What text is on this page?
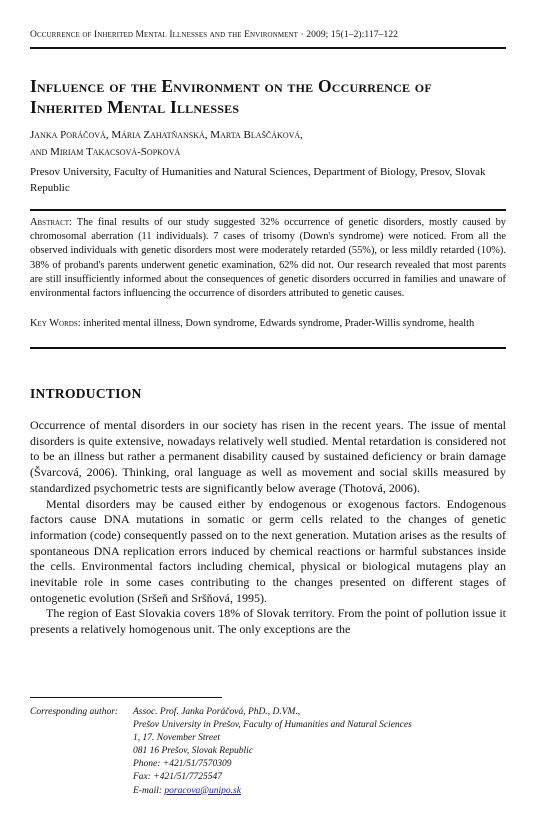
Occurrence of Inherited Mental Illnesses and the Environment · 2009; 15(1–2):117–122
Influence of the Environment on the Occurrence of Inherited Mental Illnesses
Janka Poráčová, Mária Zahatňanská, Marta Blaščáková,
and Miriam Takacsová-Sopková
Presov University, Faculty of Humanities and Natural Sciences, Department of Biology, Presov, Slovak Republic
Abstract: The final results of our study suggested 32% occurrence of genetic disorders, mostly caused by chromosomal aberration (11 individuals). 7 cases of trisomy (Down's syndrome) were noticed. From all the observed individuals with genetic disorders most were moderately retarded (55%), or less mildly retarded (10%). 38% of proband's parents underwent genetic examination, 62% did not. Our research revealed that most parents are still insufficiently informed about the consequences of genetic disorders occurred in families and unaware of environmental factors influencing the occurrence of disorders attributed to genetic causes.
Key Words: inherited mental illness, Down syndrome, Edwards syndrome, Prader-Willis syndrome, health
INTRODUCTION

Occurrence of mental disorders in our society has risen in the recent years. The issue of mental disorders is quite extensive, nowadays relatively well studied. Mental retardation is considered not to be an illness but rather a permanent disability caused by sustained deficiency or brain damage (Švarcová, 2006). Thinking, oral language as well as movement and social skills measured by standardized psychometric tests are significantly below average (Thotová, 2006).

Mental disorders may be caused either by endogenous or exogenous factors. Endogenous factors cause DNA mutations in somatic or germ cells related to the changes of genetic information (code) consequently passed on to the next generation. Mutation arises as the results of spontaneous DNA replication errors induced by chemical reactions or harmful substances inside the cells. Environmental factors including chemical, physical or biological mutagens play an inevitable role in some cases contributing to the changes presented on different stages of ontogenetic evolution (Sršeň and Sršňová, 1995).

The region of East Slovakia covers 18% of Slovak territory. From the point of pollution issue it presents a relatively homogenous unit. The only exceptions are the

Corresponding author:	Assoc. Prof. Janka Poráčová, PhD., D.VM.,
Prešov University in Prešov, Faculty of Humanities and Natural Sciences
1, 17. November Street
081 16 Prešov, Slovak Republic
Phone: +421/51/7570309
Fax: +421/51/7725547
E-mail: poracova@unipo.sk
